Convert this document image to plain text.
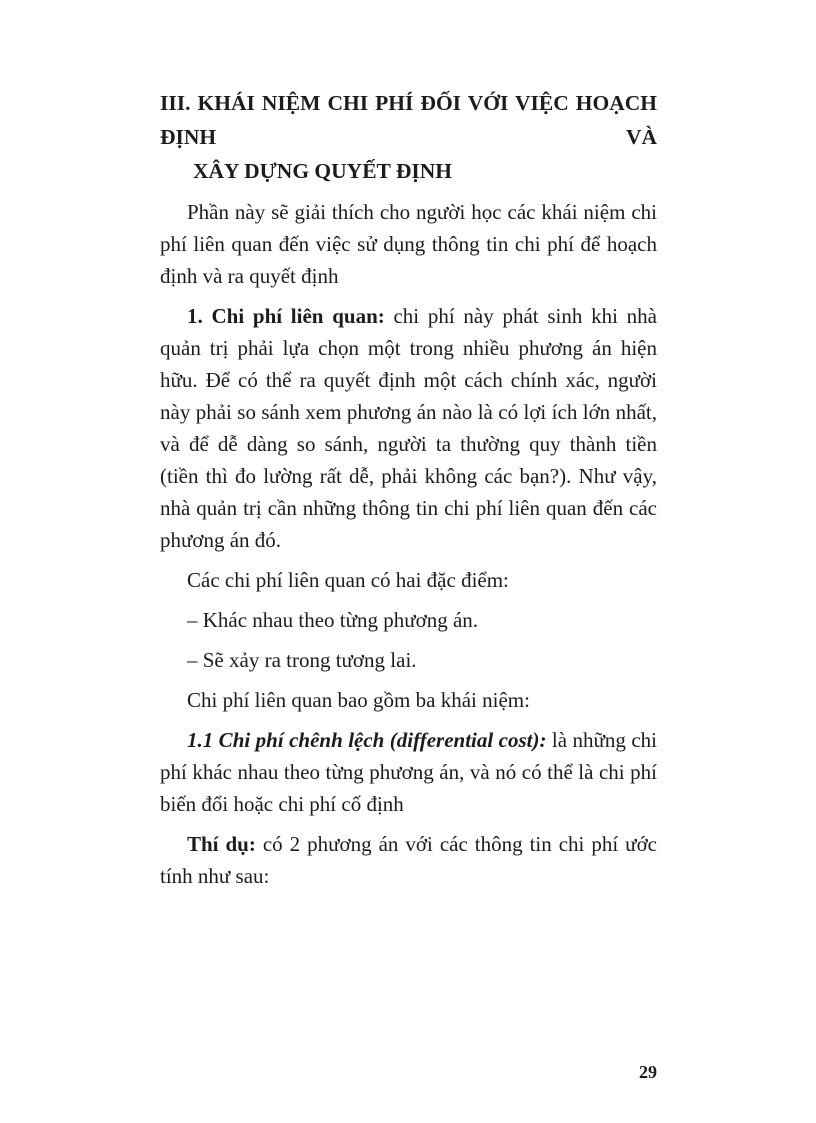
III. KHÁI NIỆM CHI PHÍ ĐỐI VỚI VIỆC HOẠCH ĐỊNH VÀ
XÂY DỰNG QUYẾT ĐỊNH

Phần này sẽ giải thích cho người học các khái niệm chi phí liên quan đến việc sử dụng thông tin chi phí để hoạch định và ra quyết định

1. Chi phí liên quan: chi phí này phát sinh khi nhà quản trị phải lựa chọn một trong nhiều phương án hiện hữu. Để có thể ra quyết định một cách chính xác, người này phải so sánh xem phương án nào là có lợi ích lớn nhất, và để dễ dàng so sánh, người ta thường quy thành tiền (tiền thì đo lường rất dễ, phải không các bạn?). Như vậy, nhà quản trị cần những thông tin chi phí liên quan đến các phương án đó.

Các chi phí liên quan có hai đặc điểm:

– Khác nhau theo từng phương án.

– Sẽ xảy ra trong tương lai.

Chi phí liên quan bao gồm ba khái niệm:

1.1 Chi phí chênh lệch (differential cost): là những chi phí khác nhau theo từng phương án, và nó có thể là chi phí biến đổi hoặc chi phí cố định

Thí dụ: có 2 phương án với các thông tin chi phí ước tính như sau:

29
